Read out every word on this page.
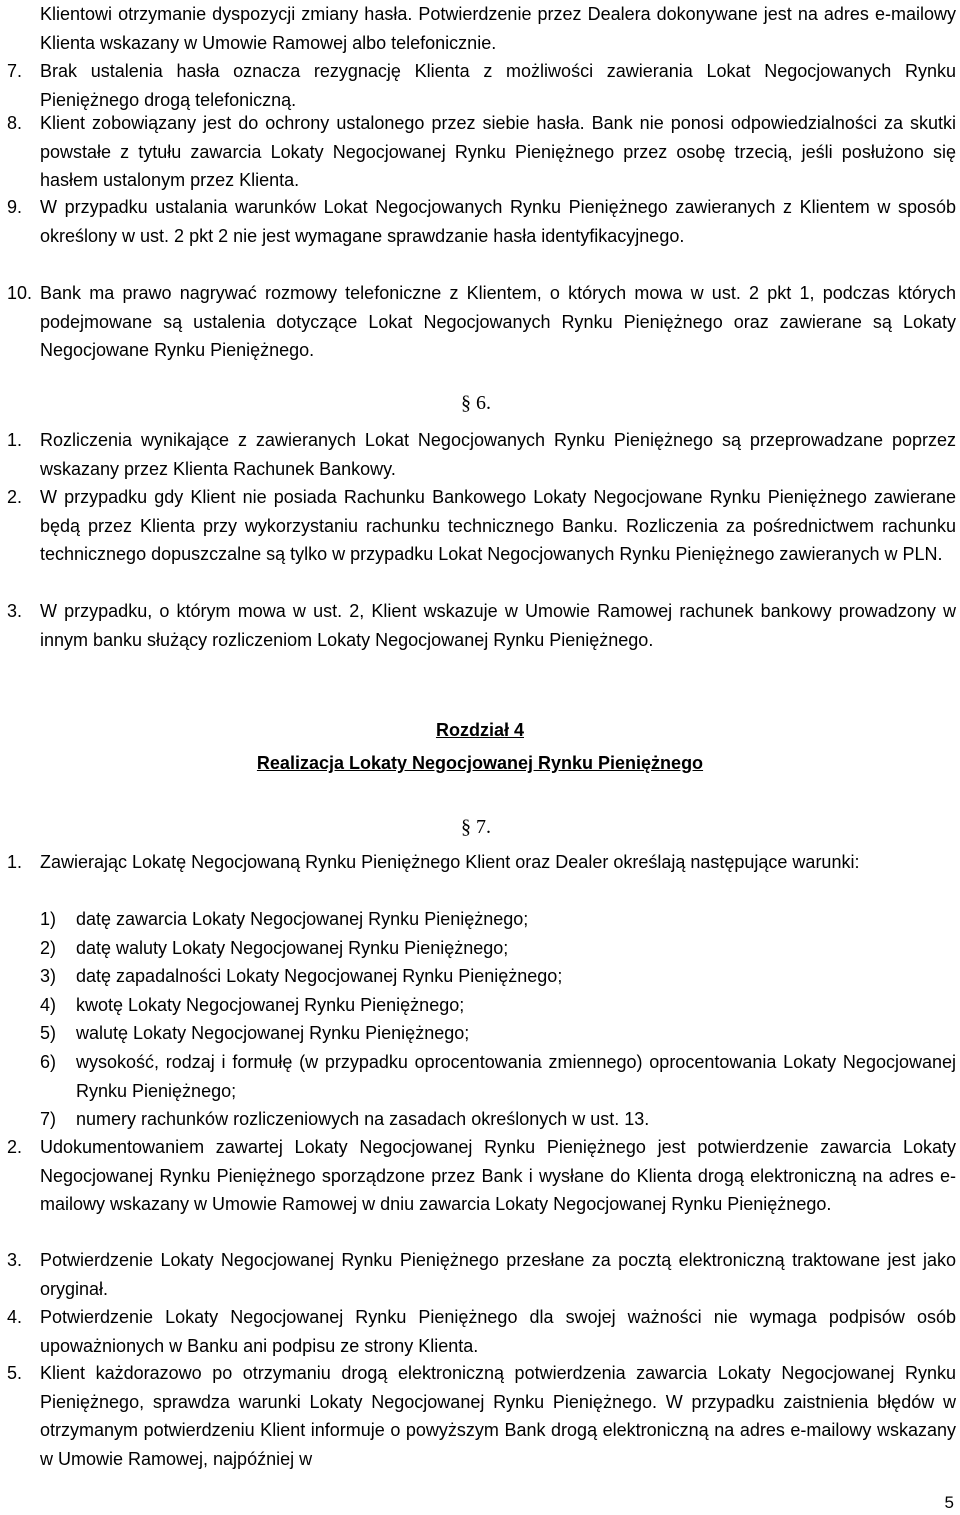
Klientowi otrzymanie dyspozycji zmiany hasła. Potwierdzenie przez Dealera dokonywane jest na adres e-mailowy Klienta wskazany w Umowie Ramowej albo telefonicznie.
7. Brak ustalenia hasła oznacza rezygnację Klienta z możliwości zawierania Lokat Negocjowanych Rynku Pieniężnego drogą telefoniczną.
8. Klient zobowiązany jest do ochrony ustalonego przez siebie hasła. Bank nie ponosi odpowiedzialności za skutki powstałe z tytułu zawarcia Lokaty Negocjowanej Rynku Pieniężnego przez osobę trzecią, jeśli posłużono się hasłem ustalonym przez Klienta.
9. W przypadku ustalania warunków Lokat Negocjowanych Rynku Pieniężnego zawieranych z Klientem w sposób określony w ust. 2 pkt 2 nie jest wymagane sprawdzanie hasła identyfikacyjnego.
10. Bank ma prawo nagrywać rozmowy telefoniczne z Klientem, o których mowa w ust. 2 pkt 1, podczas których podejmowane są ustalenia dotyczące Lokat Negocjowanych Rynku Pieniężnego oraz zawierane są Lokaty Negocjowane Rynku Pieniężnego.
§ 6.
1. Rozliczenia wynikające z zawieranych Lokat Negocjowanych Rynku Pieniężnego są przeprowadzane poprzez wskazany przez Klienta Rachunek Bankowy.
2. W przypadku gdy Klient nie posiada Rachunku Bankowego Lokaty Negocjowane Rynku Pieniężnego zawierane będą przez Klienta przy wykorzystaniu rachunku technicznego Banku. Rozliczenia za pośrednictwem rachunku technicznego dopuszczalne są tylko w przypadku Lokat Negocjowanych Rynku Pieniężnego zawieranych w PLN.
3. W przypadku, o którym mowa w ust. 2, Klient wskazuje w Umowie Ramowej rachunek bankowy prowadzony w innym banku służący rozliczeniom Lokaty Negocjowanej Rynku Pieniężnego.
Rozdział 4
Realizacja Lokaty Negocjowanej Rynku Pieniężnego
§ 7.
1. Zawierając Lokatę Negocjowaną Rynku Pieniężnego Klient oraz Dealer określają następujące warunki:
1) datę zawarcia Lokaty Negocjowanej Rynku Pieniężnego;
2) datę waluty Lokaty Negocjowanej Rynku Pieniężnego;
3) datę zapadalności Lokaty Negocjowanej Rynku Pieniężnego;
4) kwotę Lokaty Negocjowanej Rynku Pieniężnego;
5) walutę Lokaty Negocjowanej Rynku Pieniężnego;
6) wysokość, rodzaj i formułę (w przypadku oprocentowania zmiennego) oprocentowania Lokaty Negocjowanej Rynku Pieniężnego;
7) numery rachunków rozliczeniowych na zasadach określonych w ust. 13.
2. Udokumentowaniem zawartej Lokaty Negocjowanej Rynku Pieniężnego jest potwierdzenie zawarcia Lokaty Negocjowanej Rynku Pieniężnego sporządzone przez Bank i wysłane do Klienta drogą elektroniczną na adres e-mailowy wskazany w Umowie Ramowej w dniu zawarcia Lokaty Negocjowanej Rynku Pieniężnego.
3. Potwierdzenie Lokaty Negocjowanej Rynku Pieniężnego przesłane za pocztą elektroniczną traktowane jest jako oryginał.
4. Potwierdzenie Lokaty Negocjowanej Rynku Pieniężnego dla swojej ważności nie wymaga podpisów osób upoważnionych w Banku ani podpisu ze strony Klienta.
5. Klient każdorazowo po otrzymaniu drogą elektroniczną potwierdzenia zawarcia Lokaty Negocjowanej Rynku Pieniężnego, sprawdza warunki Lokaty Negocjowanej Rynku Pieniężnego. W przypadku zaistnienia błędów w otrzymanym potwierdzeniu Klient informuje o powyższym Bank drogą elektroniczną na adres e-mailowy wskazany w Umowie Ramowej, najpóźniej w
5
